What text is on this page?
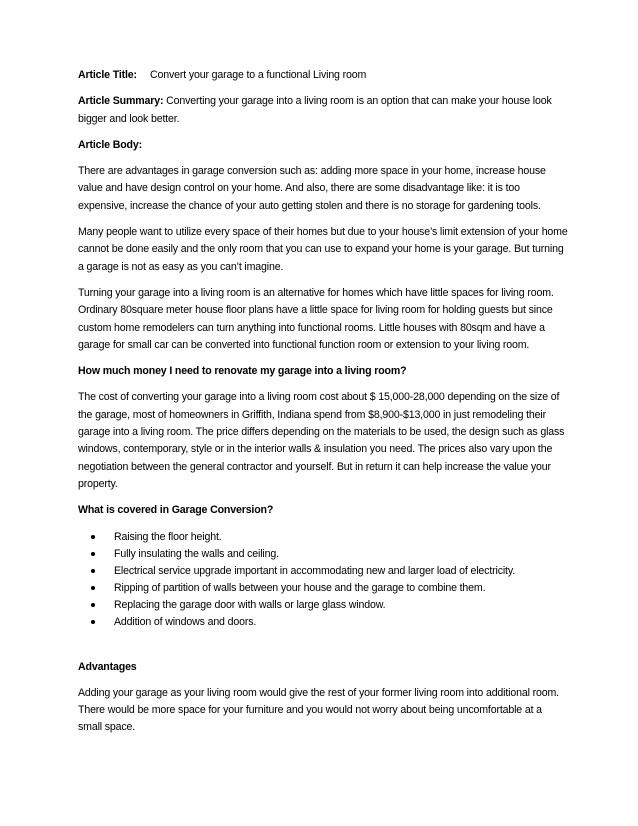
Article Title:	Convert your garage to a functional Living room

Article Summary: Converting your garage into a living room is an option that can make your house look bigger and look better.

Article Body:

There are advantages in garage conversion such as: adding more space in your home, increase house value and have design control on your home. And also, there are some disadvantage like: it is too expensive, increase the chance of your auto getting stolen and there is no storage for gardening tools.

Many people want to utilize every space of their homes but due to your house’s limit extension of your home cannot be done easily and the only room that you can use to expand your home is your garage. But turning a garage is not as easy as you can’t imagine.

Turning your garage into a living room is an alternative for homes which have little spaces for living room. Ordinary 80square meter house floor plans have a little space for living room for holding guests but since custom home remodelers can turn anything into functional rooms. Little houses with 80sqm and have a garage for small car can be converted into functional function room or extension to your living room.

How much money I need to renovate my garage into a living room?

The cost of converting your garage into a living room cost about $ 15,000-28,000 depending on the size of the garage, most of homeowners in Griffith, Indiana spend from $8,900-$13,000 in just remodeling their garage into a living room. The price differs depending on the materials to be used, the design such as glass windows, contemporary, style or in the interior walls & insulation you need. The prices also vary upon the negotiation between the general contractor and yourself. But in return it can help increase the value your property.

What is covered in Garage Conversion?

Raising the floor height.
Fully insulating the walls and ceiling.
Electrical service upgrade important in accommodating new and larger load of electricity.
Ripping of partition of walls between your house and the garage to combine them.
Replacing the garage door with walls or large glass window.
Addition of windows and doors.

Advantages

Adding your garage as your living room would give the rest of your former living room into additional room. There would be more space for your furniture and you would not worry about being uncomfortable at a small space.
